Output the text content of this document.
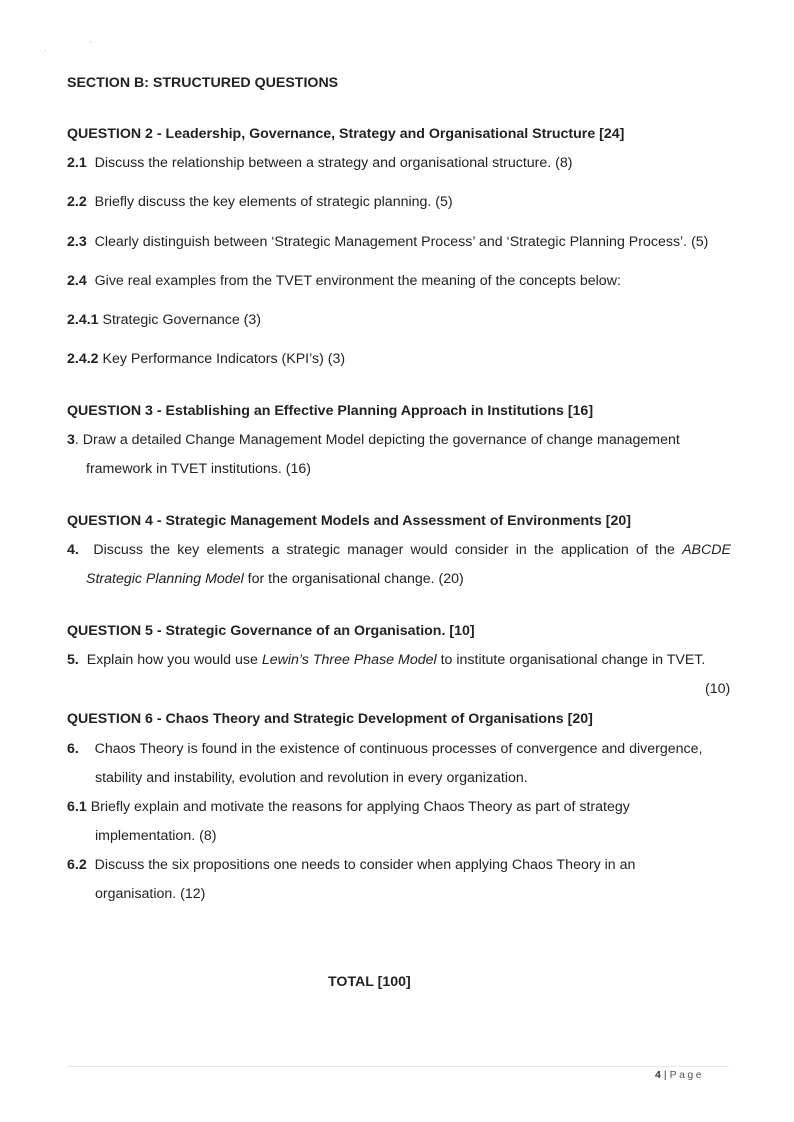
,	'
SECTION B: STRUCTURED QUESTIONS
QUESTION 2 - Leadership, Governance, Strategy and Organisational Structure [24]
2.1 Discuss the relationship between a strategy and organisational structure. (8)
2.2 Briefly discuss the key elements of strategic planning. (5)
2.3 Clearly distinguish between ‘Strategic Management Process’ and ‘Strategic Planning Process’. (5)
2.4 Give real examples from the TVET environment the meaning of the concepts below:
2.4.1 Strategic Governance (3)
2.4.2 Key Performance Indicators (KPI’s) (3)
QUESTION 3 - Establishing an Effective Planning Approach in Institutions [16]
3. Draw a detailed Change Management Model depicting the governance of change management
framework in TVET institutions. (16)
QUESTION 4 - Strategic Management Models and Assessment of Environments [20]
4. Discuss the key elements a strategic manager would consider in the application of the ABCDE
Strategic Planning Model for the organisational change. (20)
QUESTION 5 - Strategic Governance of an Organisation. [10]
5. Explain how you would use Lewin’s Three Phase Model to institute organisational change in TVET.
(10)
QUESTION 6 - Chaos Theory and Strategic Development of Organisations [20]
6. Chaos Theory is found in the existence of continuous processes of convergence and divergence,
stability and instability, evolution and revolution in every organization.
6.1 Briefly explain and motivate the reasons for applying Chaos Theory as part of strategy
implementation. (8)
6.2 Discuss the six propositions one needs to consider when applying Chaos Theory in an
organisation. (12)
TOTAL [100]
4 | Page
